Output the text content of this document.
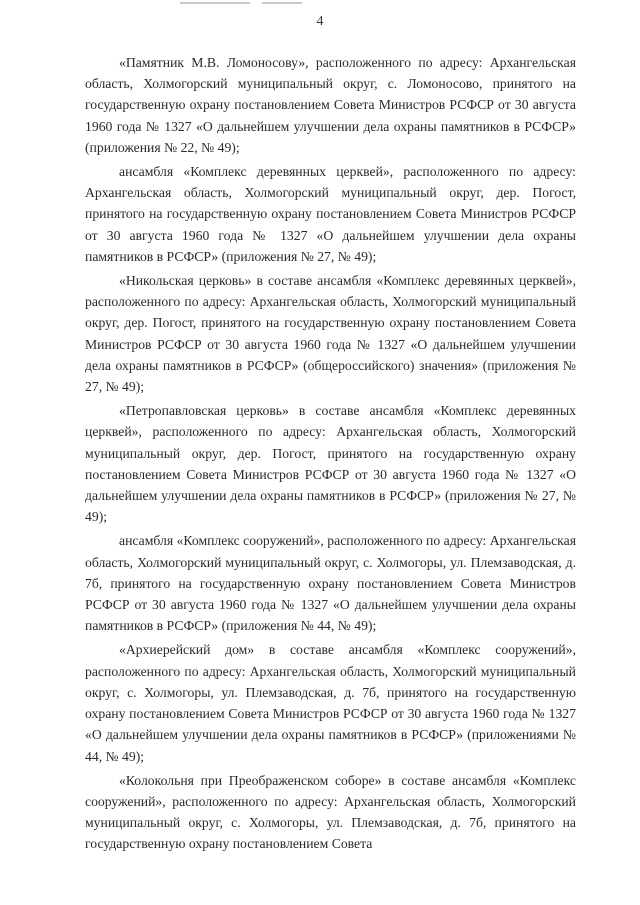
4

«Памятник М.В. Ломоносову», расположенного по адресу: Архангельская область, Холмогорский муниципальный округ, с. Ломоносово, принятого на государственную охрану постановлением Совета Министров РСФСР от 30 августа 1960 года № 1327 «О дальнейшем улучшении дела охраны памятников в РСФСР» (приложения № 22, № 49);

ансамбля «Комплекс деревянных церквей», расположенного по адресу: Архангельская область, Холмогорский муниципальный округ, дер. Погост, принятого на государственную охрану постановлением Совета Министров РСФСР от 30 августа 1960 года № 1327 «О дальнейшем улучшении дела охраны памятников в РСФСР» (приложения № 27, № 49);

«Никольская церковь» в составе ансамбля «Комплекс деревянных церквей», расположенного по адресу: Архангельская область, Холмогорский муниципальный округ, дер. Погост, принятого на государственную охрану постановлением Совета Министров РСФСР от 30 августа 1960 года № 1327 «О дальнейшем улучшении дела охраны памятников в РСФСР» (общероссийского) значения» (приложения № 27, № 49);

«Петропавловская церковь» в составе ансамбля «Комплекс деревянных церквей», расположенного по адресу: Архангельская область, Холмогорский муниципальный округ, дер. Погост, принятого на государственную охрану постановлением Совета Министров РСФСР от 30 августа 1960 года № 1327 «О дальнейшем улучшении дела охраны памятников в РСФСР» (приложения № 27, № 49);

ансамбля «Комплекс сооружений», расположенного по адресу: Архангельская область, Холмогорский муниципальный округ, с. Холмогоры, ул. Племзаводская, д. 7б, принятого на государственную охрану постановлением Совета Министров РСФСР от 30 августа 1960 года № 1327 «О дальнейшем улучшении дела охраны памятников в РСФСР» (приложения № 44, № 49);

«Архиерейский дом» в составе ансамбля «Комплекс сооружений», расположенного по адресу: Архангельская область, Холмогорский муниципальный округ, с. Холмогоры, ул. Племзаводская, д. 7б, принятого на государственную охрану постановлением Совета Министров РСФСР от 30 августа 1960 года № 1327 «О дальнейшем улучшении дела охраны памятников в РСФСР» (приложениями № 44, № 49);

«Колокольня при Преображенском соборе» в составе ансамбля «Комплекс сооружений», расположенного по адресу: Архангельская область, Холмогорский муниципальный округ, с. Холмогоры, ул. Племзаводская, д. 7б, принятого на государственную охрану постановлением Совета
